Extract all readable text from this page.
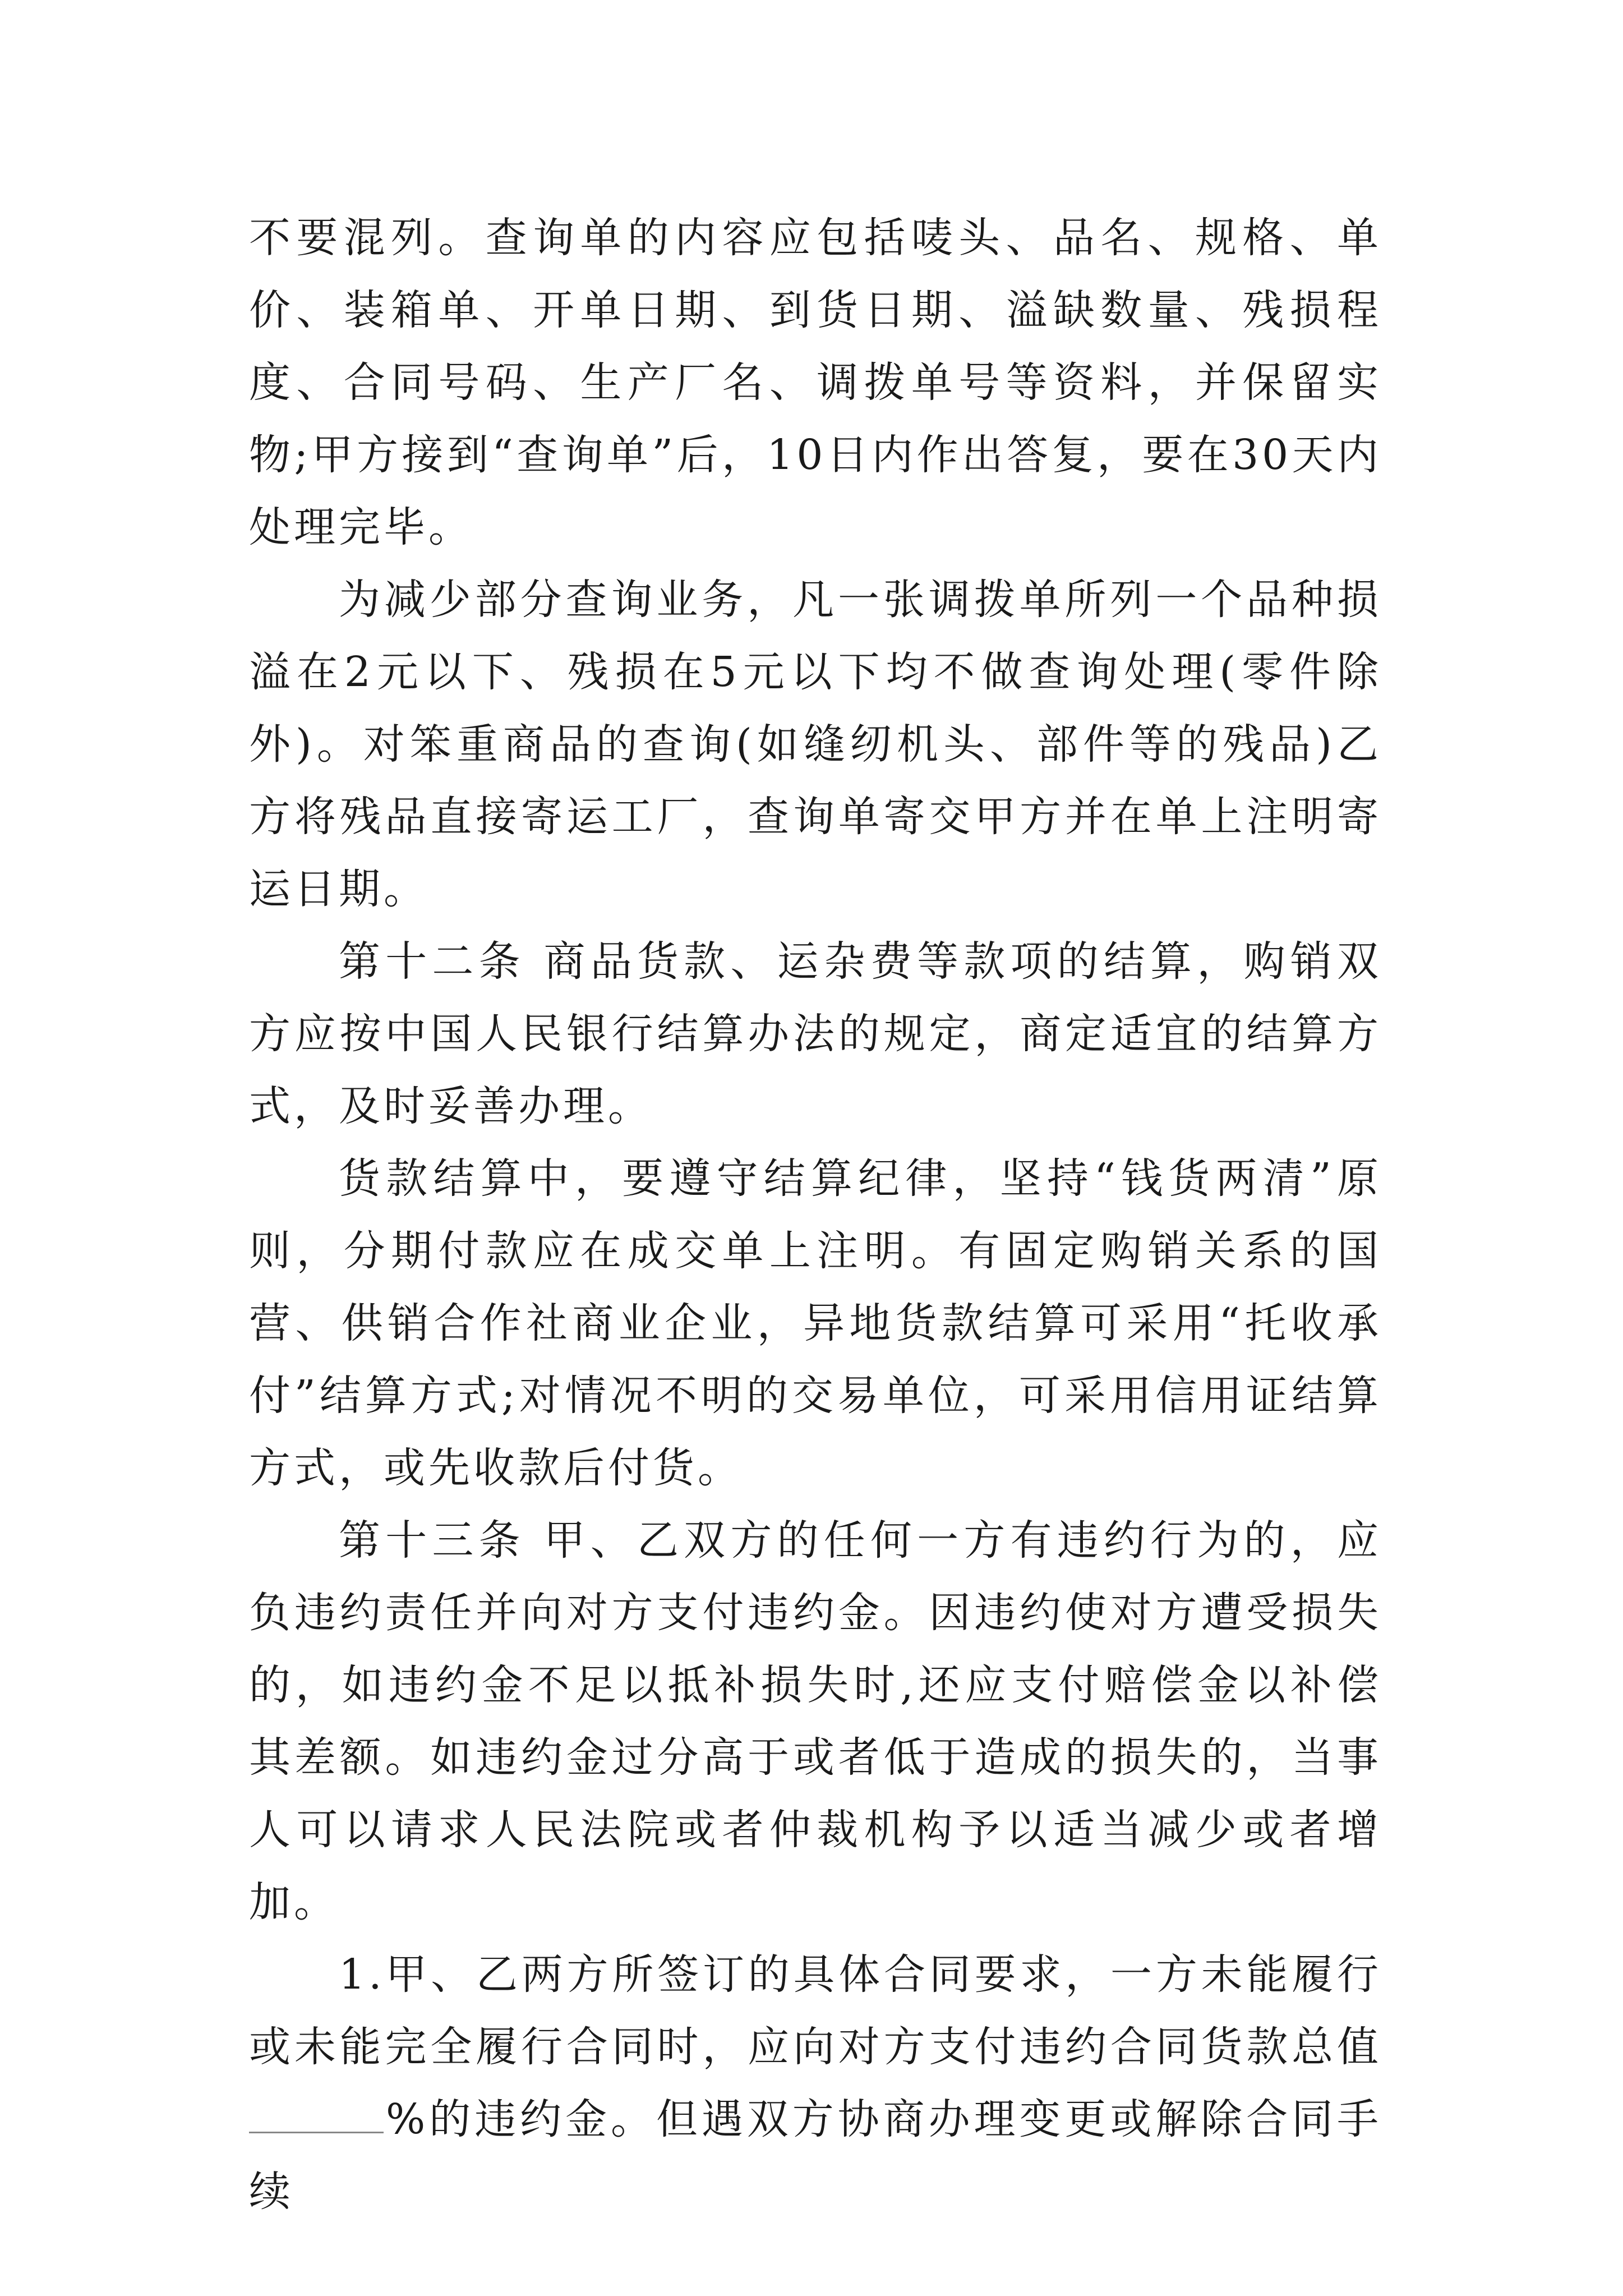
不要混列。查询单的内容应包括唛头、品名、规格、单价、装箱单、开单日期、到货日期、溢缺数量、残损程度、合同号码、生产厂名、调拨单号等资料，并保留实物;甲方接到“查询单”后，10日内作出答复，要在30天内处理完毕。

为减少部分查询业务，凡一张调拨单所列一个品种损溢在2元以下、残损在5元以下均不做查询处理(零件除外)。对笨重商品的查询(如缝纫机头、部件等的残品)乙方将残品直接寄运工厂，查询单寄交甲方并在单上注明寄运日期。

第十二条 商品货款、运杂费等款项的结算，购销双方应按中国人民银行结算办法的规定，商定适宜的结算方式，及时妥善办理。

货款结算中，要遵守结算纪律，坚持“钱货两清”原则，分期付款应在成交单上注明。有固定购销关系的国营、供销合作社商业企业，异地货款结算可采用“托收承付”结算方式;对情况不明的交易单位，可采用信用证结算方式，或先收款后付货。

第十三条 甲、乙双方的任何一方有违约行为的，应负违约责任并向对方支付违约金。因违约使对方遭受损失的，如违约金不足以抵补损失时,还应支付赔偿金以补偿其差额。如违约金过分高于或者低于造成的损失的，当事人可以请求人民法院或者仲裁机构予以适当减少或者增加。

1.甲、乙两方所签订的具体合同要求，一方未能履行或未能完全履行合同时，应向对方支付违约合同货款总值%的违约金。但遇双方协商办理变更或解除合同手续
